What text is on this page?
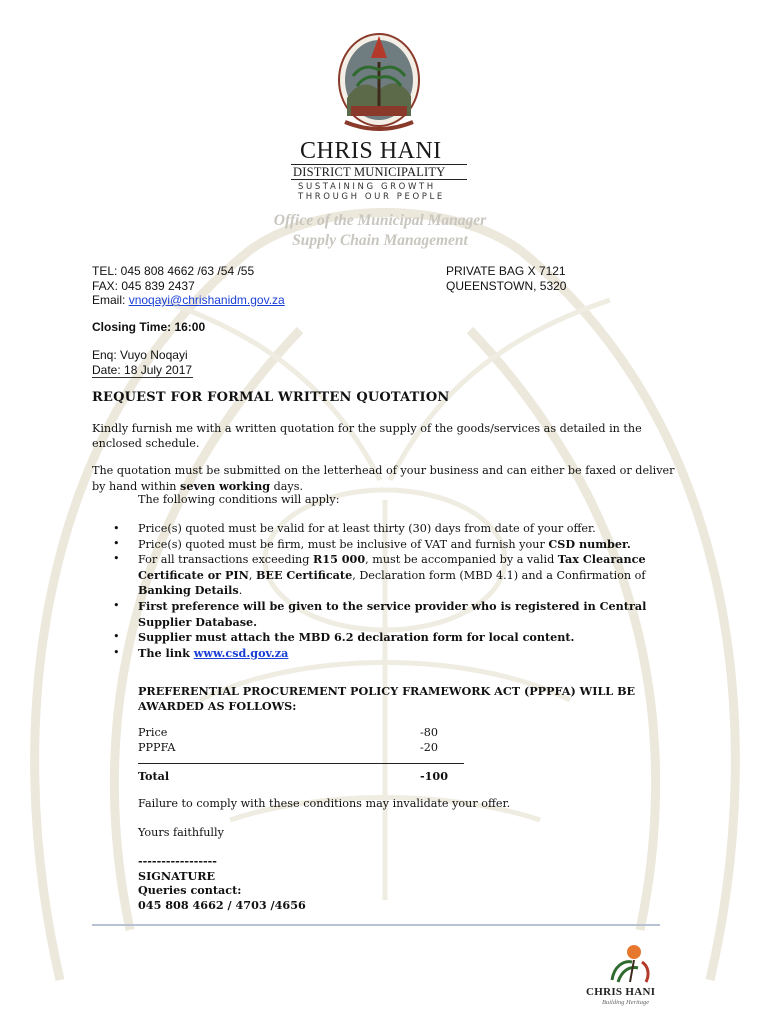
CHRIS HANI
DISTRICT MUNICIPALITY
SUSTAINING GROWTH
THROUGH OUR PEOPLE
Office of the Municipal Manager
Supply Chain Management
TEL: 045 808 4662 /63 /54 /55
FAX: 045 839 2437
Email: vnoqayi@chrishanidm.gov.za
PRIVATE BAG X 7121
QUEENSTOWN, 5320
Closing Time: 16:00
Enq: Vuyo Noqayi
Date: 18 July 2017
REQUEST FOR FORMAL WRITTEN QUOTATION
Kindly furnish me with a written quotation for the supply of the goods/services as detailed in the enclosed schedule.
The quotation must be submitted on the letterhead of your business and can either be faxed or deliver by hand within seven working days.
The following conditions will apply:
• Price(s) quoted must be valid for at least thirty (30) days from date of your offer.
• Price(s) quoted must be firm, must be inclusive of VAT and furnish your CSD number.
• For all transactions exceeding R15 000, must be accompanied by a valid Tax Clearance Certificate or PIN, BEE Certificate, Declaration form (MBD 4.1) and a Confirmation of Banking Details.
• First preference will be given to the service provider who is registered in Central Supplier Database.
• Supplier must attach the MBD 6.2 declaration form for local content.
• The link www.csd.gov.za
PREFERENTIAL PROCUREMENT POLICY FRAMEWORK ACT (PPPFA) WILL BE AWARDED AS FOLLOWS:
Price	-80
PPPFA	-20
Total	-100
Failure to comply with these conditions may invalidate your offer.
Yours faithfully
-----------------
SIGNATURE
Queries contact:
045 808 4662 / 4703 /4656
CHRIS HANI
Building Heritage
